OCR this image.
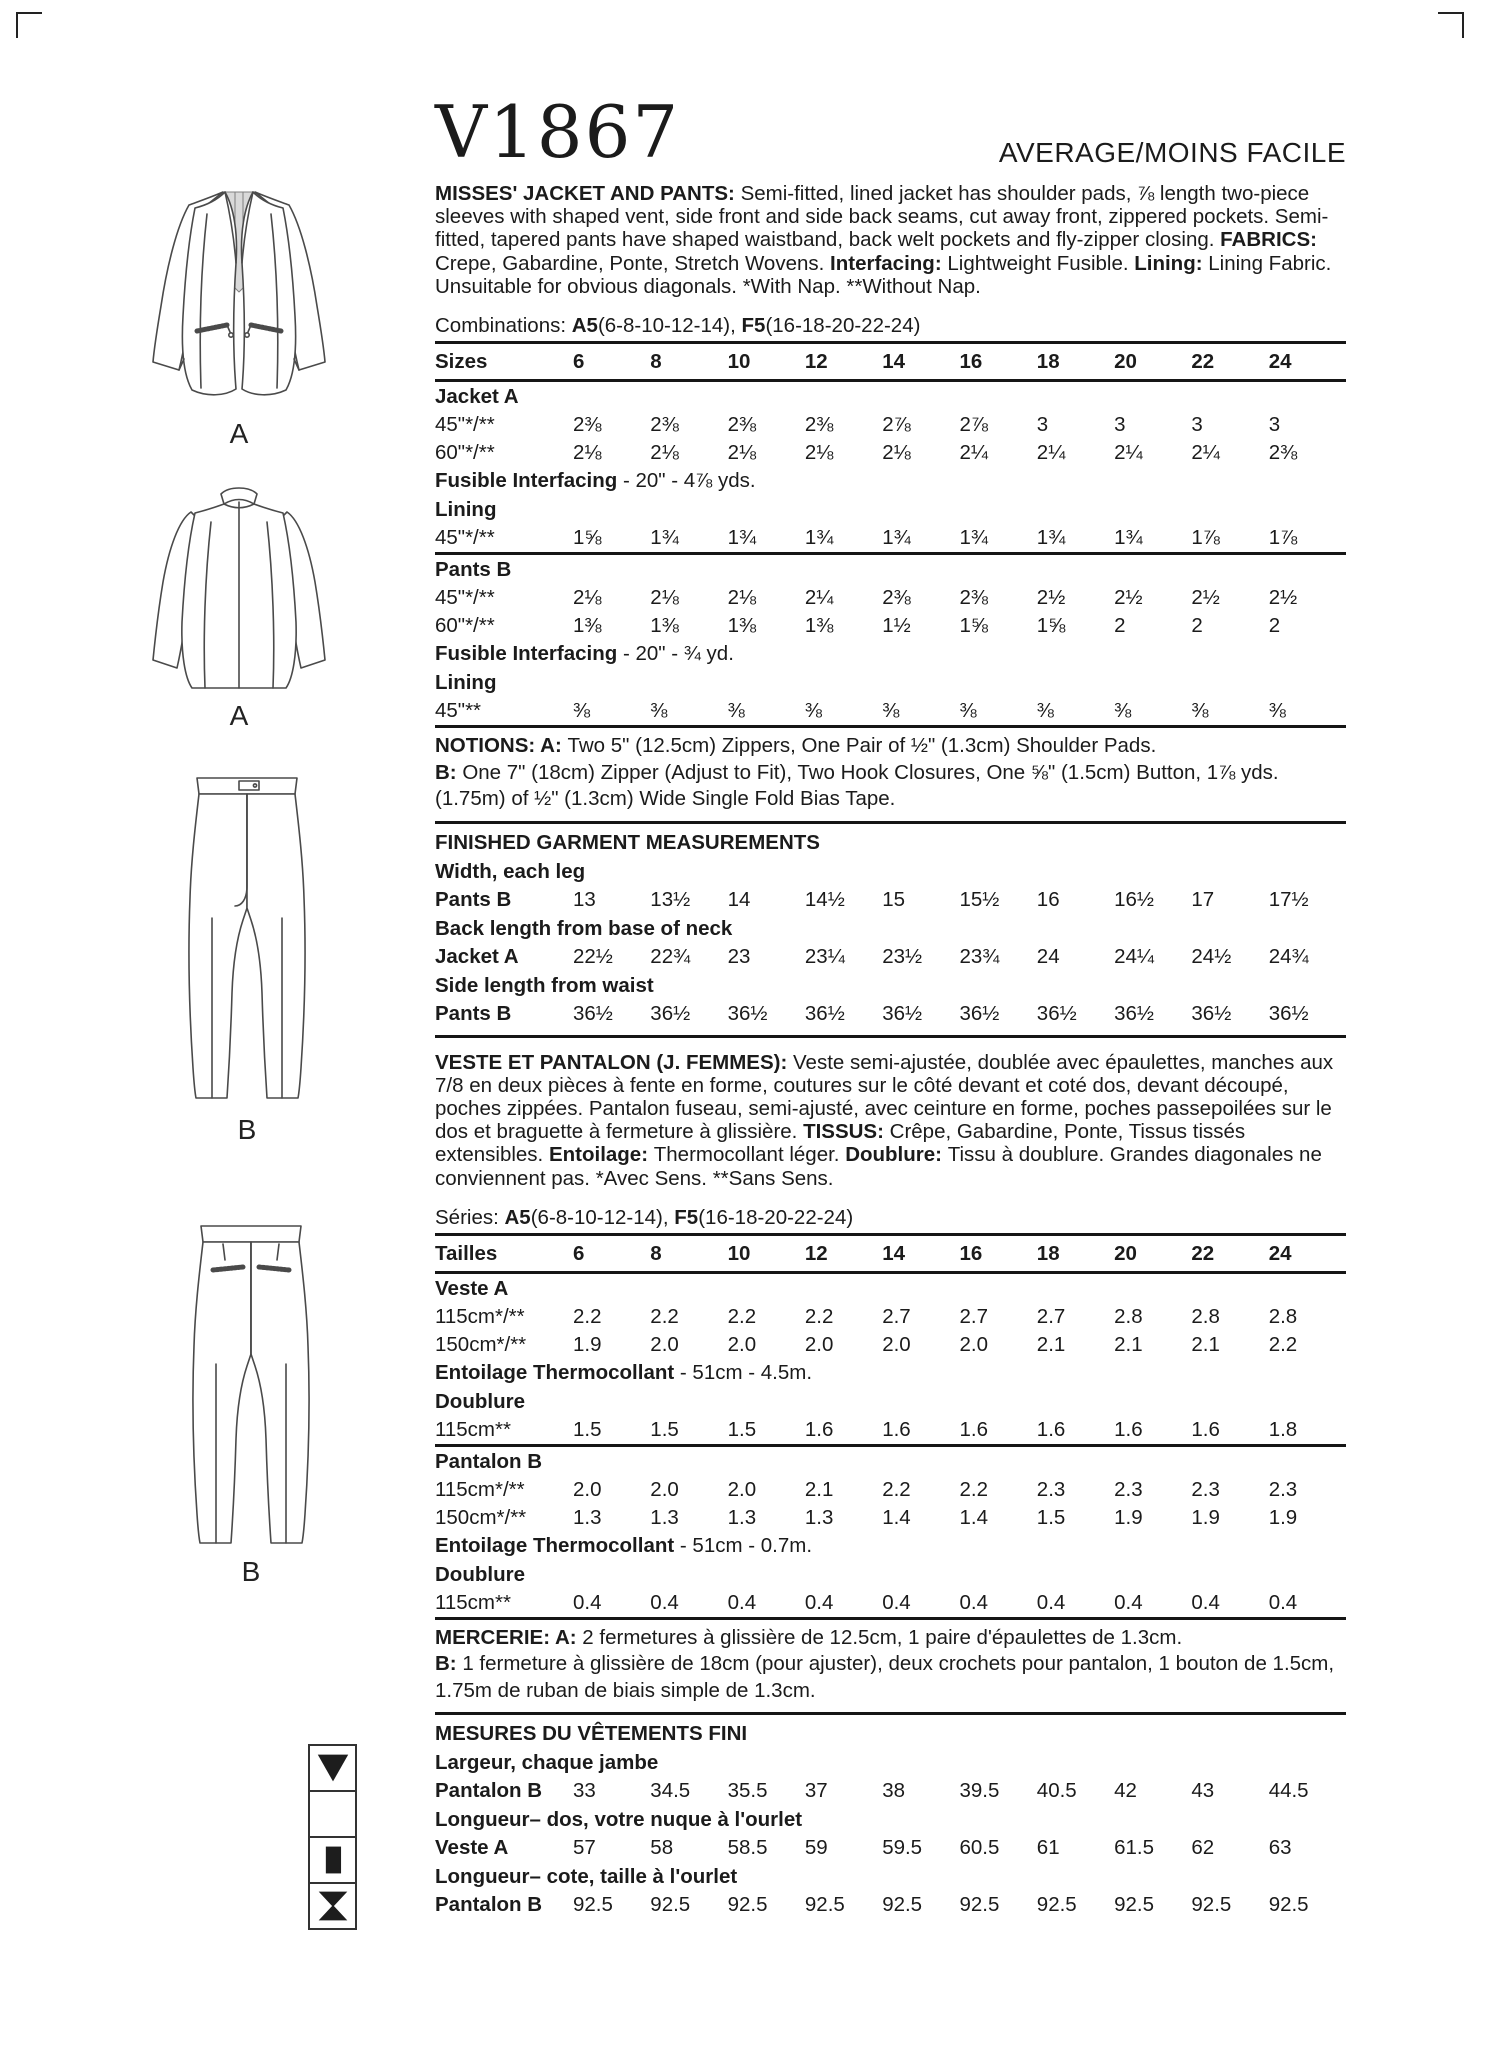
A
A
B
B
V1867	AVERAGE/MOINS FACILE
MISSES' JACKET AND PANTS: Semi-fitted, lined jacket has shoulder pads, ⅞ length two-piece sleeves with shaped vent, side front and side back seams, cut away front, zippered pockets. Semi-fitted, tapered pants have shaped waistband, back welt pockets and fly-zipper closing. FABRICS: Crepe, Gabardine, Ponte, Stretch Wovens. Interfacing: Lightweight Fusible. Lining: Lining Fabric. Unsuitable for obvious diagonals. *With Nap. **Without Nap.
Combinations: A5(6-8-10-12-14), F5(16-18-20-22-24)
Sizes	6	8	10	12	14	16	18	20	22	24
Jacket A
45"*/**	2⅜	2⅜	2⅜	2⅜	2⅞	2⅞	3	3	3	3
60"*/**	2⅛	2⅛	2⅛	2⅛	2⅛	2¼	2¼	2¼	2¼	2⅜
Fusible Interfacing - 20" - 4⅞ yds.
Lining
45"*/**	1⅝	1¾	1¾	1¾	1¾	1¾	1¾	1¾	1⅞	1⅞
Pants B
45"*/**	2⅛	2⅛	2⅛	2¼	2⅜	2⅜	2½	2½	2½	2½
60"*/**	1⅜	1⅜	1⅜	1⅜	1½	1⅝	1⅝	2	2	2
Fusible Interfacing - 20" - ¾ yd.
Lining
45"**	⅜	⅜	⅜	⅜	⅜	⅜	⅜	⅜	⅜	⅜

NOTIONS: A: Two 5" (12.5cm) Zippers, One Pair of ½" (1.3cm) Shoulder Pads.

B: One 7" (18cm) Zipper (Adjust to Fit), Two Hook Closures, One ⅝" (1.5cm) Button, 1⅞ yds. (1.75m) of ½" (1.3cm) Wide Single Fold Bias Tape.

FINISHED GARMENT MEASUREMENTS
Width, each leg
Pants B	13	13½	14	14½	15	15½	16	16½	17	17½
Back length from base of neck
Jacket A	22½	22¾	23	23¼	23½	23¾	24	24¼	24½	24¾
Side length from waist
Pants B	36½	36½	36½	36½	36½	36½	36½	36½	36½	36½
VESTE ET PANTALON (J. FEMMES): Veste semi-ajustée, doublée avec épaulettes, manches aux 7/8 en deux pièces à fente en forme, coutures sur le côté devant et coté dos, devant découpé, poches zippées. Pantalon fuseau, semi-ajusté, avec ceinture en forme, poches passepoilées sur le dos et braguette à fermeture à glissière. TISSUS: Crêpe, Gabardine, Ponte, Tissus tissés extensibles. Entoilage: Thermocollant léger. Doublure: Tissu à doublure. Grandes diagonales ne conviennent pas. *Avec Sens. **Sans Sens.
Séries: A5(6-8-10-12-14), F5(16-18-20-22-24)
Tailles	6	8	10	12	14	16	18	20	22	24
Veste A
115cm*/**	2.2	2.2	2.2	2.2	2.7	2.7	2.7	2.8	2.8	2.8
150cm*/**	1.9	2.0	2.0	2.0	2.0	2.0	2.1	2.1	2.1	2.2
Entoilage Thermocollant - 51cm - 4.5m.
Doublure
115cm**	1.5	1.5	1.5	1.6	1.6	1.6	1.6	1.6	1.6	1.8
Pantalon B
115cm*/**	2.0	2.0	2.0	2.1	2.2	2.2	2.3	2.3	2.3	2.3
150cm*/**	1.3	1.3	1.3	1.3	1.4	1.4	1.5	1.9	1.9	1.9
Entoilage Thermocollant - 51cm - 0.7m.
Doublure
115cm**	0.4	0.4	0.4	0.4	0.4	0.4	0.4	0.4	0.4	0.4

MERCERIE: A: 2 fermetures à glissière de 12.5cm, 1 paire d'épaulettes de 1.3cm.

B: 1 fermeture à glissière de 18cm (pour ajuster), deux crochets pour pantalon, 1 bouton de 1.5cm, 1.75m de ruban de biais simple de 1.3cm.

MESURES DU VÊTEMENTS FINI
Largeur, chaque jambe
Pantalon B	33	34.5	35.5	37	38	39.5	40.5	42	43	44.5
Longueur– dos, votre nuque à l'ourlet
Veste A	57	58	58.5	59	59.5	60.5	61	61.5	62	63
Longueur– cote, taille à l'ourlet
Pantalon B	92.5	92.5	92.5	92.5	92.5	92.5	92.5	92.5	92.5	92.5
